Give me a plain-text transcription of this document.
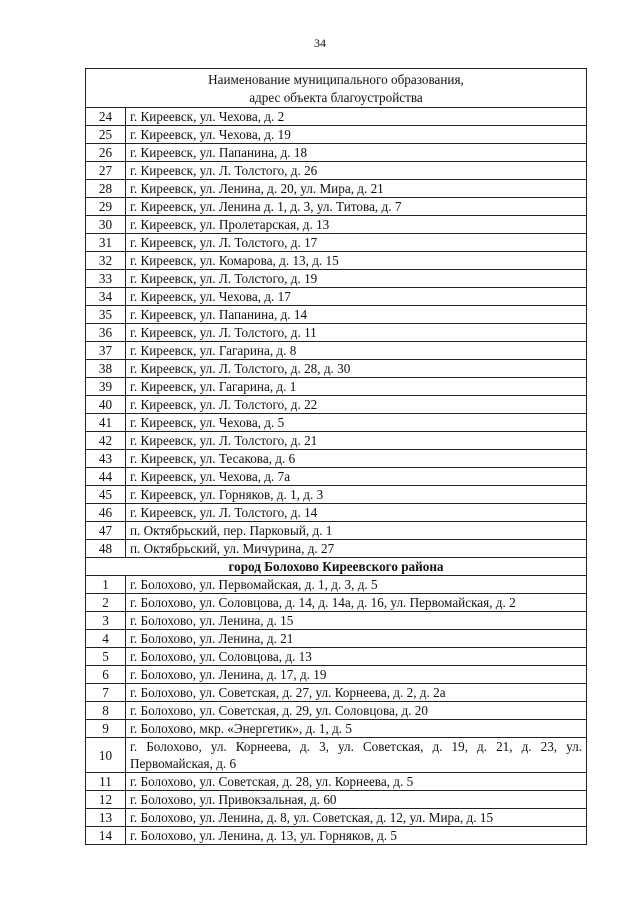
34
Наименование муниципального образования,
адрес объекта благоустройства	

24	г. Киреевск, ул. Чехова, д. 2
25	г. Киреевск, ул. Чехова, д. 19
26	г. Киреевск, ул. Папанина, д. 18
27	г. Киреевск, ул. Л. Толстого, д. 26
28	г. Киреевск, ул. Ленина, д. 20, ул. Мира, д. 21
29	г. Киреевск, ул. Ленина д. 1, д. 3, ул. Титова, д. 7
30	г. Киреевск, ул. Пролетарская, д. 13
31	г. Киреевск, ул. Л. Толстого, д. 17
32	г. Киреевск, ул. Комарова, д. 13, д. 15
33	г. Киреевск, ул. Л. Толстого, д. 19
34	г. Киреевск, ул. Чехова, д. 17
35	г. Киреевск, ул. Папанина, д. 14
36	г. Киреевск, ул. Л. Толстого, д. 11
37	г. Киреевск, ул. Гагарина, д. 8
38	г. Киреевск, ул. Л. Толстого, д. 28, д. 30
39	г. Киреевск, ул. Гагарина, д. 1
40	г. Киреевск, ул. Л. Толстого, д. 22
41	г. Киреевск, ул. Чехова, д. 5
42	г. Киреевск, ул. Л. Толстого, д. 21
43	г. Киреевск, ул. Тесакова, д. 6
44	г. Киреевск, ул. Чехова, д. 7а
45	г. Киреевск, ул. Горняков, д. 1, д. 3
46	г. Киреевск, ул. Л. Толстого, д. 14
47	п. Октябрьский, пер. Парковый, д. 1
48	п. Октябрьский, ул. Мичурина, д. 27
город Болохово Киреевского района	
1	г. Болохово, ул. Первомайская, д. 1, д. 3, д. 5
2	г. Болохово, ул. Соловцова, д. 14, д. 14а, д. 16, ул. Первомайская, д. 2
3	г. Болохово, ул. Ленина, д. 15
4	г. Болохово, ул. Ленина, д. 21
5	г. Болохово, ул. Соловцова, д. 13
6	г. Болохово, ул. Ленина, д. 17, д. 19
7	г. Болохово, ул. Советская, д. 27, ул. Корнеева, д. 2, д. 2а
8	г. Болохово, ул. Советская, д. 29, ул. Соловцова, д. 20
9	г. Болохово, мкр. «Энергетик», д. 1, д. 5
10	г. Болохово, ул. Корнеева, д. 3, ул. Советская, д. 19, д. 21, д. 23, ул. Первомайская, д. 6
11	г. Болохово, ул. Советская, д. 28, ул. Корнеева, д. 5
12	г. Болохово, ул. Привокзальная, д. 60
13	г. Болохово, ул. Ленина, д. 8, ул. Советская, д. 12, ул. Мира, д. 15
14	г. Болохово, ул. Ленина, д. 13, ул. Горняков, д. 5
